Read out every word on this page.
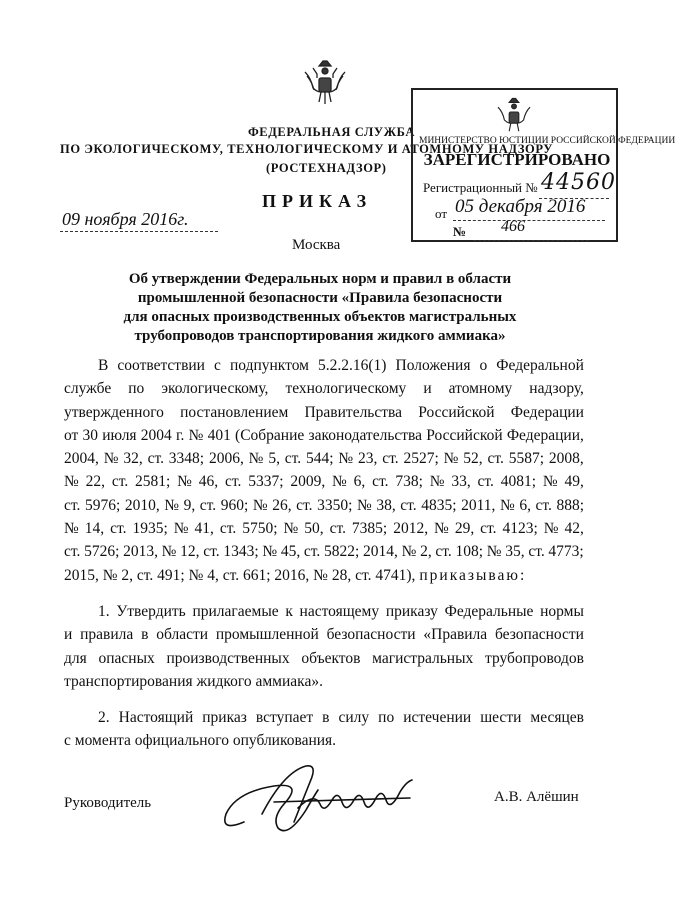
ФЕДЕРАЛЬНАЯ СЛУЖБА
ПО ЭКОЛОГИЧЕСКОМУ, ТЕХНОЛОГИЧЕСКОМУ И АТОМНОМУ НАДЗОРУ
МИНИСТЕРСТВО ЮСТИЦИИ РОССИЙСКОЙ ФЕДЕРАЦИИ
ЗАРЕГИСТРИРОВАНО
Регистрационный № 44560
от 05 декабря 2016
№ 466
(РОСТЕХНАДЗОР)
ПРИКАЗ
09 ноября 2016г.
Москва
Об утверждении Федеральных норм и правил в области
промышленной безопасности «Правила безопасности
для опасных производственных объектов магистральных
трубопроводов транспортирования жидкого аммиака»
В соответствии с подпунктом 5.2.2.16(1) Положения о Федеральной
службе по экологическому, технологическому и атомному надзору,
утвержденного постановлением Правительства Российской Федерации
от 30 июля 2004 г. № 401 (Собрание законодательства Российской Федерации,
2004, № 32, ст. 3348; 2006, № 5, ст. 544; № 23, ст. 2527; № 52, ст. 5587; 2008,
№ 22, ст. 2581; № 46, ст. 5337; 2009, № 6, ст. 738; № 33, ст. 4081; № 49,
ст. 5976; 2010, № 9, ст. 960; № 26, ст. 3350; № 38, ст. 4835; 2011, № 6, ст. 888;
№ 14, ст. 1935; № 41, ст. 5750; № 50, ст. 7385; 2012, № 29, ст. 4123; № 42,
ст. 5726; 2013, № 12, ст. 1343; № 45, ст. 5822; 2014, № 2, ст. 108; № 35, ст. 4773;
2015, № 2, ст. 491; № 4, ст. 661; 2016, № 28, ст. 4741), приказываю:
1. Утвердить прилагаемые к настоящему приказу Федеральные нормы
и правила в области промышленной безопасности «Правила безопасности
для опасных производственных объектов магистральных трубопроводов
транспортирования жидкого аммиака».
2. Настоящий приказ вступает в силу по истечении шести месяцев
с момента официального опубликования.
Руководитель	А.В. Алёшин
